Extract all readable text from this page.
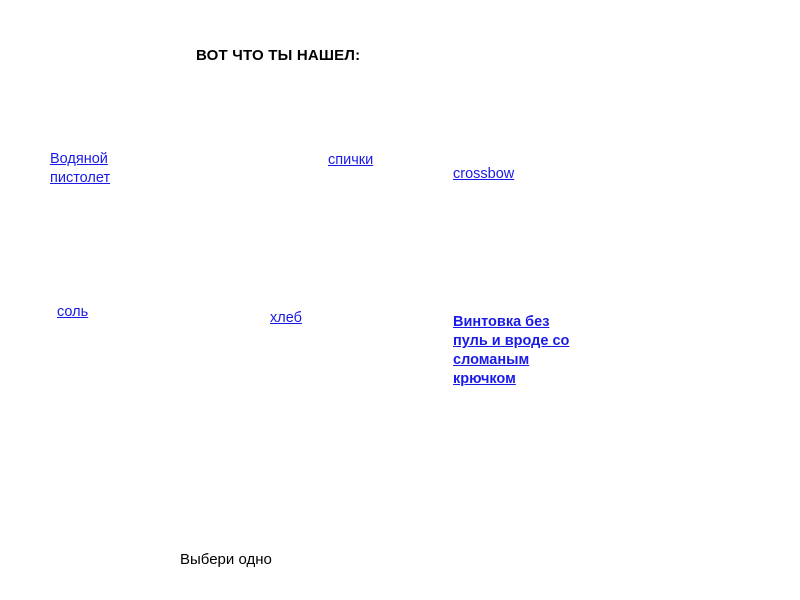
ВОТ ЧТО ТЫ НАШЕЛ:
Водяной пистолет
спички
crossbow
соль	хлеб	Винтовка без пуль и вроде со сломаным крючком
Выбери одно
